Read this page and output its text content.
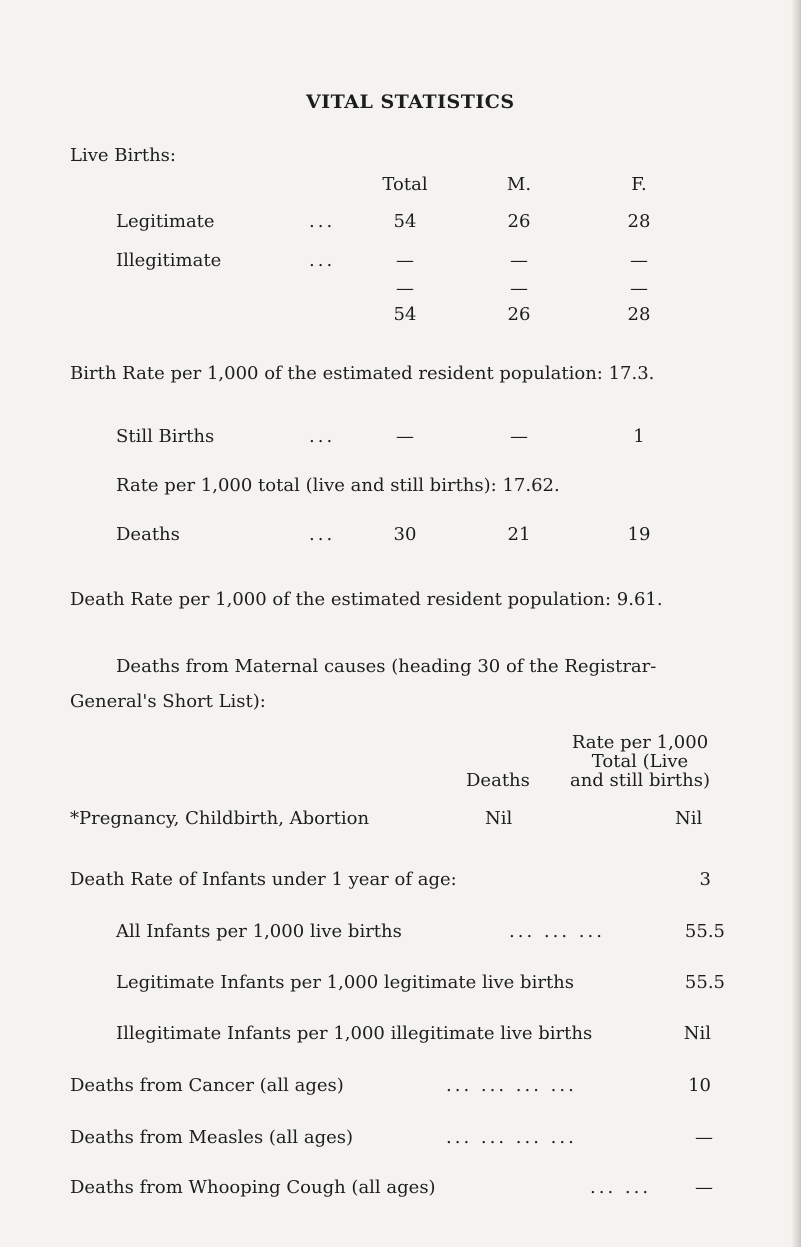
VITAL STATISTICS
Live Births:
Total	M.	F.
Legitimate	...	54	26	28
Illegitimate	...	—	—	—
—	—	—
54	26	28
Birth Rate per 1,000 of the estimated resident population: 17.3.
Still Births	...	—	—	1
Rate per 1,000 total (live and still births): 17.62.
Deaths	...	30	21	19
Death Rate per 1,000 of the estimated resident population: 9.61.
Deaths from Maternal causes (heading 30 of the Registrar-
General's Short List):
Rate per 1,000
Total (Live
and still births)
Deaths
*Pregnancy, Childbirth, Abortion	Nil	Nil
Death Rate of Infants under 1 year of age:	3
All Infants per 1,000 live births	... ... ...	55.5
Legitimate Infants per 1,000 legitimate live births	55.5
Illegitimate Infants per 1,000 illegitimate live births	Nil
Deaths from Cancer (all ages)	... ... ... ...	10
Deaths from Measles (all ages)	... ... ... ...	—
Deaths from Whooping Cough (all ages)	... ... —
